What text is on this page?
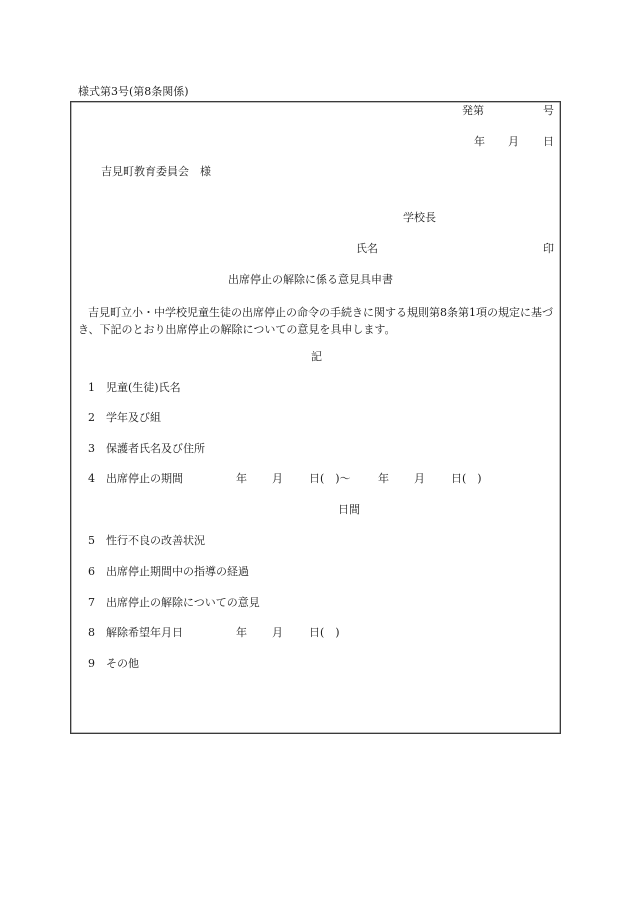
様式第3号(第8条関係)
発第	号
年 月 日
吉見町教育委員会　様
学校長
氏名	印
出席停止の解除に係る意見具申書
吉見町立小・中学校児童生徒の出席停止の命令の手続きに関する規則第8条第1項の規定に基づき、下記のとおり出席停止の解除についての意見を具申します。
記
1 児童(生徒)氏名
2 学年及び組
3 保護者氏名及び住所
4 出席停止の期間	年 月 日(　)〜 年 月 日(　)
日間
5 性行不良の改善状況
6 出席停止期間中の指導の経過
7 出席停止の解除についての意見
8 解除希望年月日	年 月 日(　)
9 その他
